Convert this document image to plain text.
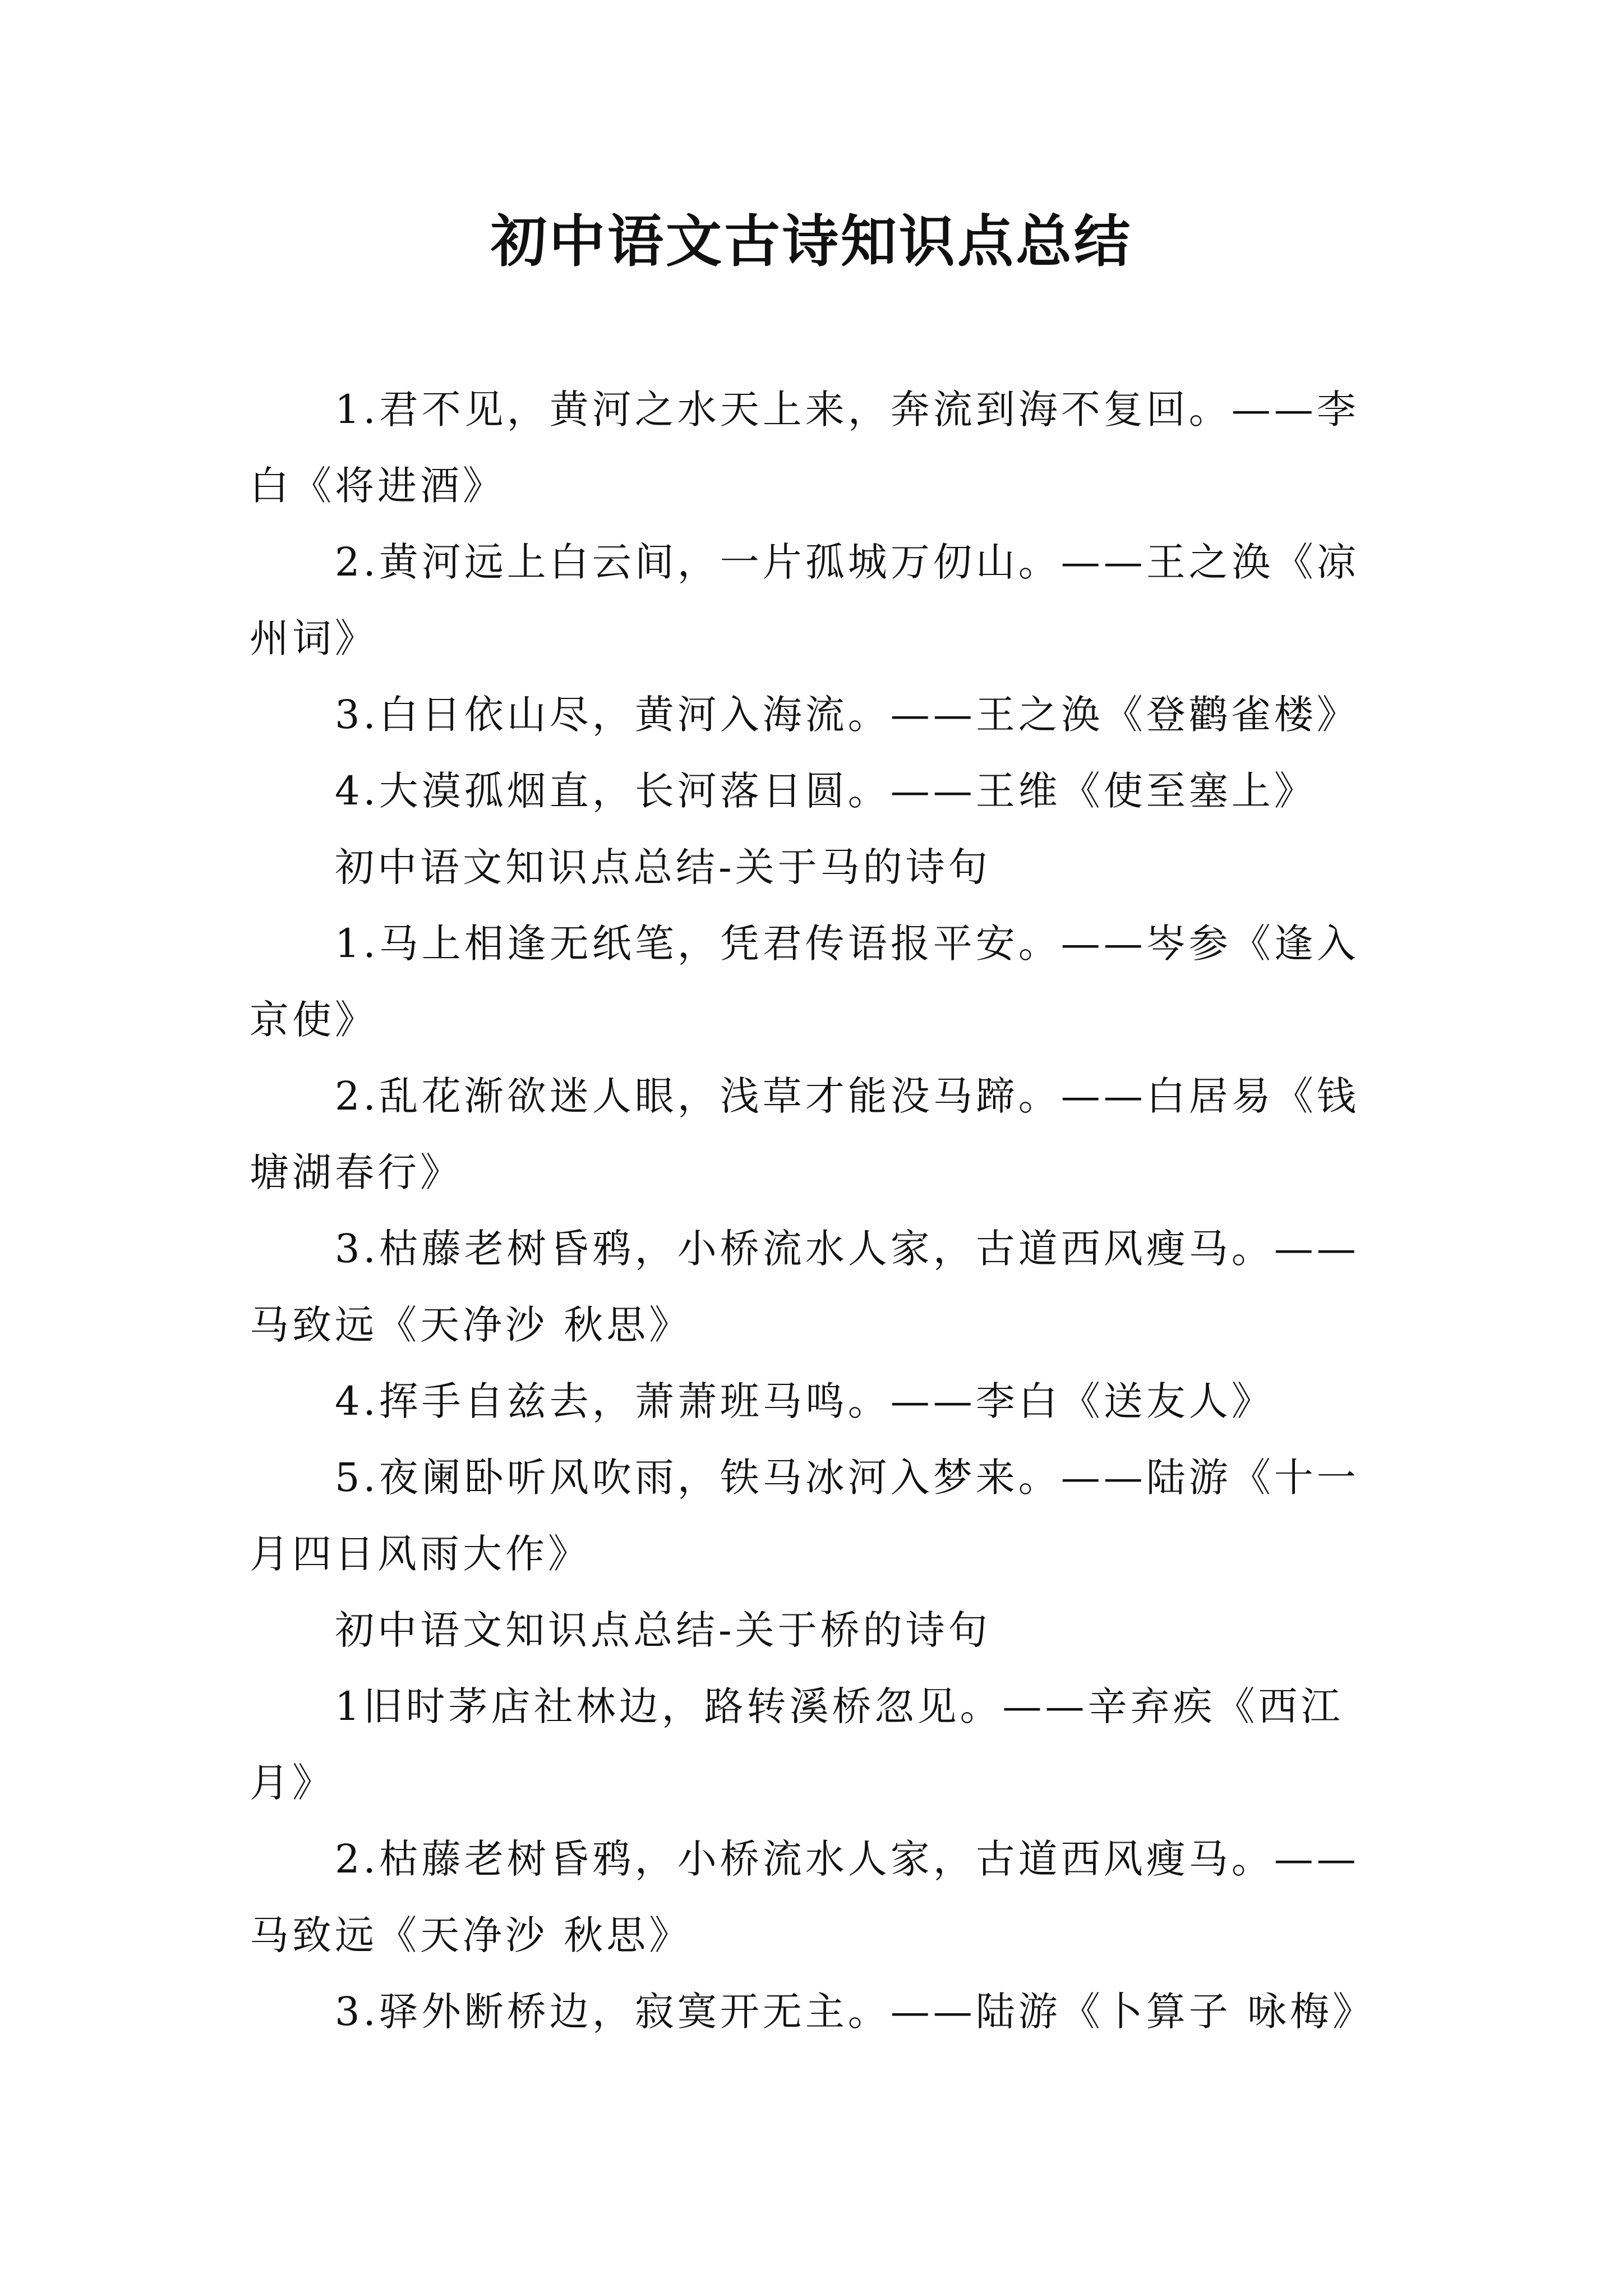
初中语文古诗知识点总结

1.君不见，黄河之水天上来，奔流到海不复回。——李白《将进酒》

2.黄河远上白云间，一片孤城万仞山。——王之涣《凉州词》

3.白日依山尽，黄河入海流。——王之涣《登鹳雀楼》

4.大漠孤烟直，长河落日圆。——王维《使至塞上》

初中语文知识点总结-关于马的诗句

1.马上相逢无纸笔，凭君传语报平安。——岑参《逢入京使》

2.乱花渐欲迷人眼，浅草才能没马蹄。——白居易《钱塘湖春行》

3.枯藤老树昏鸦，小桥流水人家，古道西风瘦马。——马致远《天净沙 秋思》

4.挥手自兹去，萧萧班马鸣。——李白《送友人》

5.夜阑卧听风吹雨，铁马冰河入梦来。——陆游《十一月四日风雨大作》

初中语文知识点总结-关于桥的诗句

1旧时茅店社林边，路转溪桥忽见。——辛弃疾《西江月》

2.枯藤老树昏鸦，小桥流水人家，古道西风瘦马。——马致远《天净沙 秋思》

3.驿外断桥边，寂寞开无主。——陆游《卜算子 咏梅》
